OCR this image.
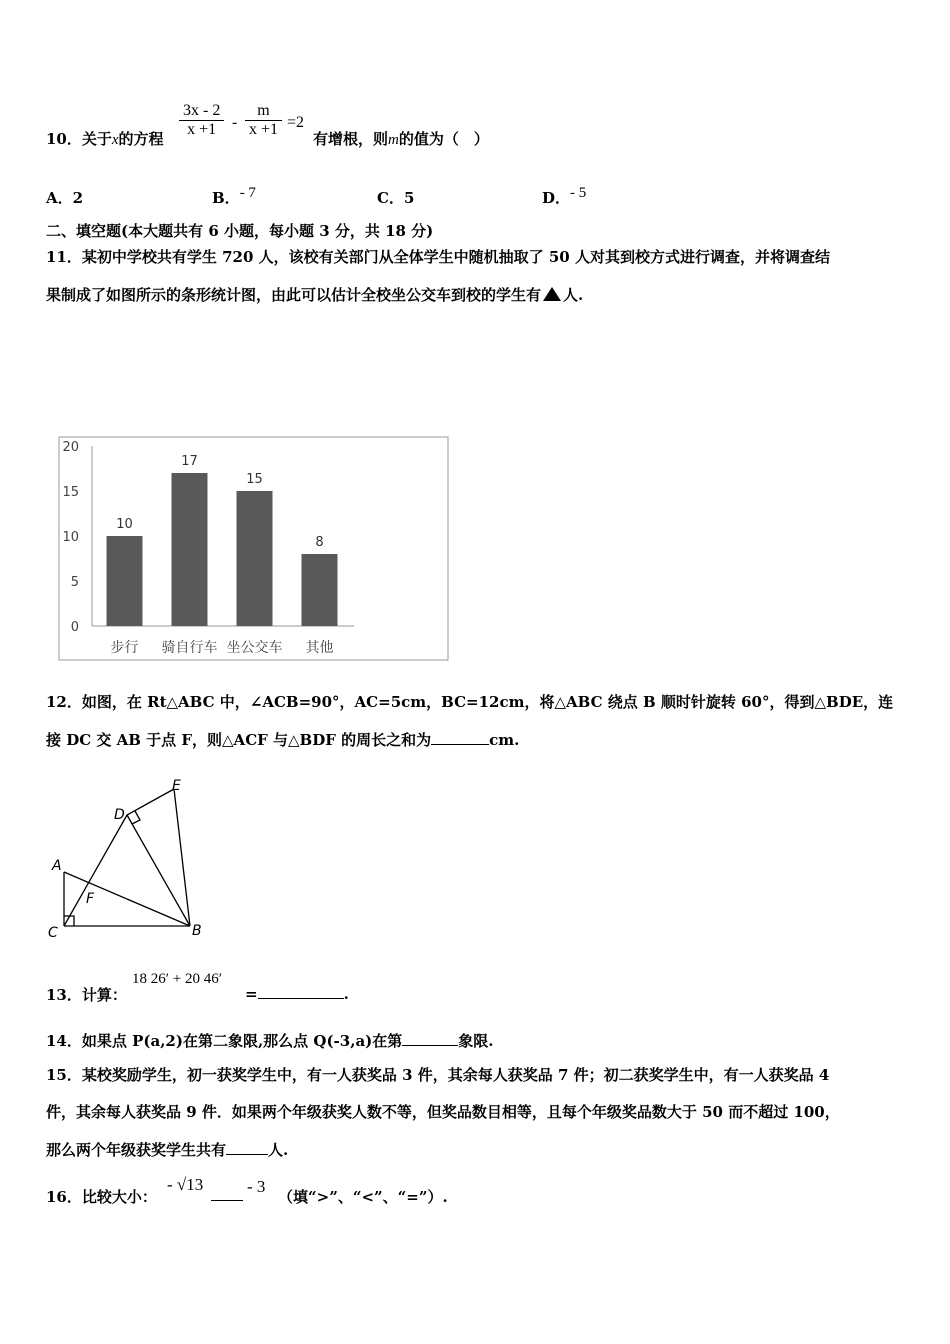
10．关于x的方程 $\frac{3x - 2}{x +1} - \frac{m}{x +1} =2$
有增根，则m的值为（　）
A．2	B．- 7	C．5	D．- 5
二、填空题(本大题共有 6 小题，每小题 3 分，共 18 分)
11．某初中学校共有学生 720 人，该校有关部门从全体学生中随机抽取了 50 人对其到校方式进行调查，并将调查结
果制成了如图所示的条形统计图，由此可以估计全校坐公交车到校的学生有 人.
0
5
10
15
20
10
步行
17
骑自行车
15
坐公交车
8
其他
12．如图，在 Rt△ABC 中，∠ACB=90°，AC=5cm，BC=12cm，将△ABC 绕点 B 顺时针旋转 60°，得到△BDE，连
接 DC 交 AB 于点 F，则△ACF 与△BDF 的周长之和为	cm.
A
C	B
D
E
F
13．计算：
18 26′ + 20 46′
=	.
14．如果点 P(a,2)在第二象限,那么点 Q(-3,a)在第	象限.
15．某校奖励学生，初一获奖学生中，有一人获奖品 3 件，其余每人获奖品 7 件；初二获奖学生中，有一人获奖品 4
件，其余每人获奖品 9 件．如果两个年级获奖人数不等，但奖品数目相等，且每个年级奖品数大于 50 而不超过 100，
那么两个年级获奖学生共有	人.
16．比较大小：
- √13	- 3
（填“>”、“<”、“=”）.
